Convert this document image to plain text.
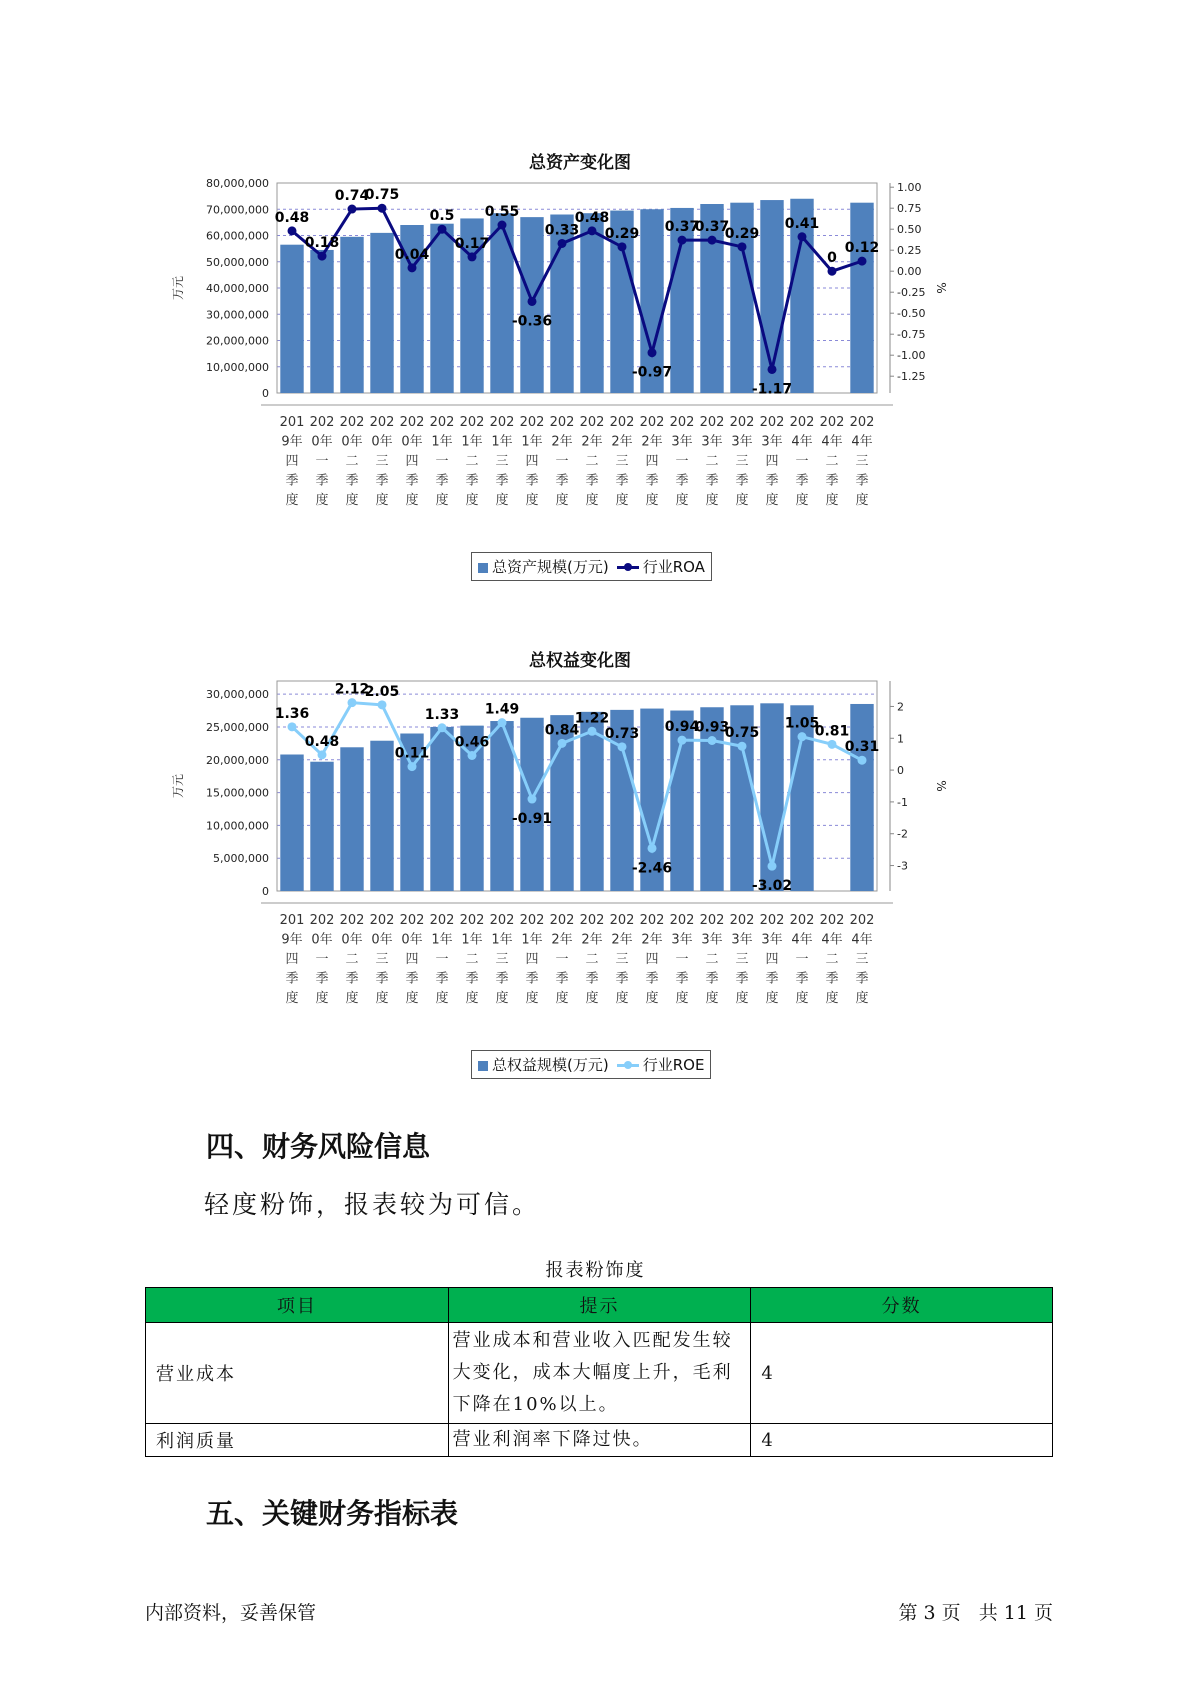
总资产变化图
0
10,000,000
20,000,000
30,000,000
40,000,000
50,000,000
60,000,000
70,000,000
80,000,000
-1.25
-1.00
-0.75
-0.50
-0.25
0.00
0.25
0.50
0.75
1.00
万元	%
201
9年
四
季
度
202
0年
一
季
度
202
0年
二
季
度
202
0年
三
季
度
202
0年
四
季
度
202
1年
一
季
度
202
1年
二
季
度
202
1年
三
季
度
202
1年
四
季
度
202
2年
一
季
度
202
2年
二
季
度
202
2年
三
季
度
202
2年
四
季
度
202
3年
一
季
度
202
3年
二
季
度
202
3年
三
季
度
202
3年
四
季
度
202
4年
一
季
度
202
4年
二
季
度
202
4年
三
季
度
0.48
0.18
0.74
0.75
0.04
0.5
0.17
0.55
-0.36
0.33
0.48
0.29
-0.97
0.37
0.37
0.29
-1.17
0.41
0
0.12
总资产规模(万元)	行业ROA
总权益变化图
0
5,000,000
10,000,000
15,000,000
20,000,000
25,000,000
30,000,000
-3
-2
-1
0
1
2
万元	%
201
9年
四
季
度
202
0年
一
季
度
202
0年
二
季
度
202
0年
三
季
度
202
0年
四
季
度
202
1年
一
季
度
202
1年
二
季
度
202
1年
三
季
度
202
1年
四
季
度
202
2年
一
季
度
202
2年
二
季
度
202
2年
三
季
度
202
2年
四
季
度
202
3年
一
季
度
202
3年
二
季
度
202
3年
三
季
度
202
3年
四
季
度
202
4年
一
季
度
202
4年
二
季
度
202
4年
三
季
度
1.36
0.48
2.12
2.05
0.11
1.33
0.46
1.49
-0.91
0.84
1.22
0.73
-2.46
0.94
0.93
0.75
-3.02
1.05
0.81
0.31
总权益规模(万元)	行业ROE
四、财务风险信息
轻度粉饰，报表较为可信。
报表粉饰度
项目	提示	分数
营业成本	营业成本和营业收入匹配发生较大变化，成本大幅度上升，毛利下降在10%以上。	4
利润质量	营业利润率下降过快。	4
五、关键财务指标表
内部资料，妥善保管	第 3 页   共 11 页
